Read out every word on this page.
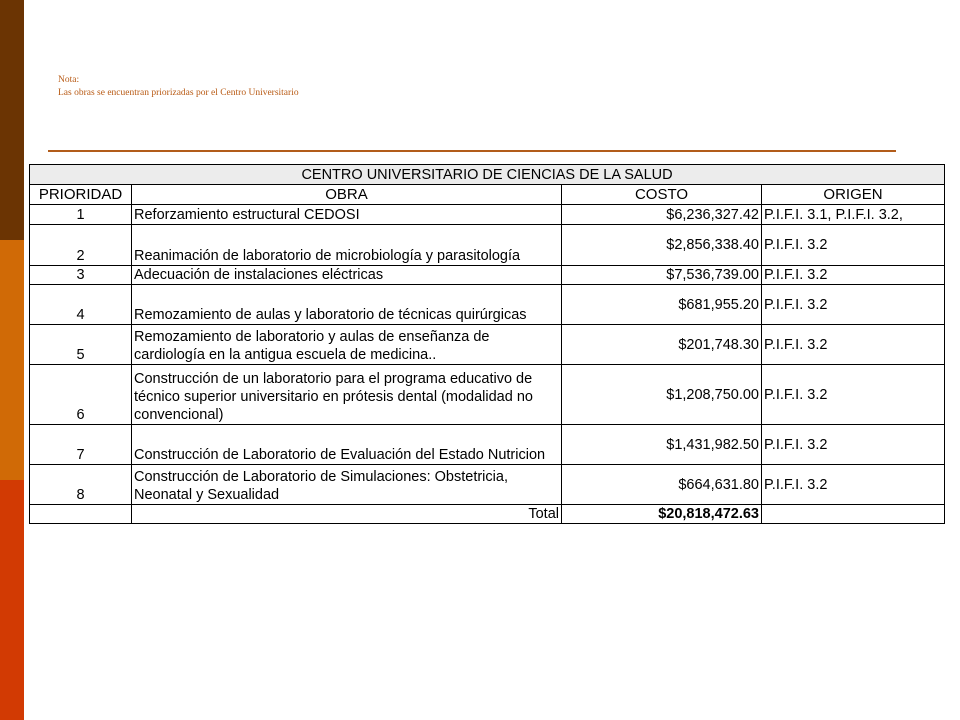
Nota:
Las obras se encuentran priorizadas por el Centro Universitario
CENTRO UNIVERSITARIO DE CIENCIAS DE LA SALUD			
PRIORIDAD	OBRA	COSTO	ORIGEN
1	Reforzamiento estructural CEDOSI	$6,236,327.42	P.I.F.I. 3.1, P.I.F.I. 3.2,
2	Reanimación de laboratorio de microbiología y parasitología	$2,856,338.40	P.I.F.I. 3.2
3	Adecuación de instalaciones eléctricas	$7,536,739.00	P.I.F.I. 3.2
4	Remozamiento de aulas y laboratorio de técnicas quirúrgicas	$681,955.20	P.I.F.I. 3.2
5	Remozamiento de laboratorio y aulas de enseñanza de cardiología en la antigua escuela de medicina..	$201,748.30	P.I.F.I. 3.2
6	Construcción de un laboratorio para el programa educativo de técnico superior universitario en prótesis dental (modalidad no convencional)	$1,208,750.00	P.I.F.I. 3.2
7	Construcción de Laboratorio de Evaluación del Estado Nutricion	$1,431,982.50	P.I.F.I. 3.2
8	Construcción de Laboratorio de Simulaciones: Obstetricia, Neonatal y Sexualidad	$664,631.80	P.I.F.I. 3.2
	Total	$20,818,472.63	
